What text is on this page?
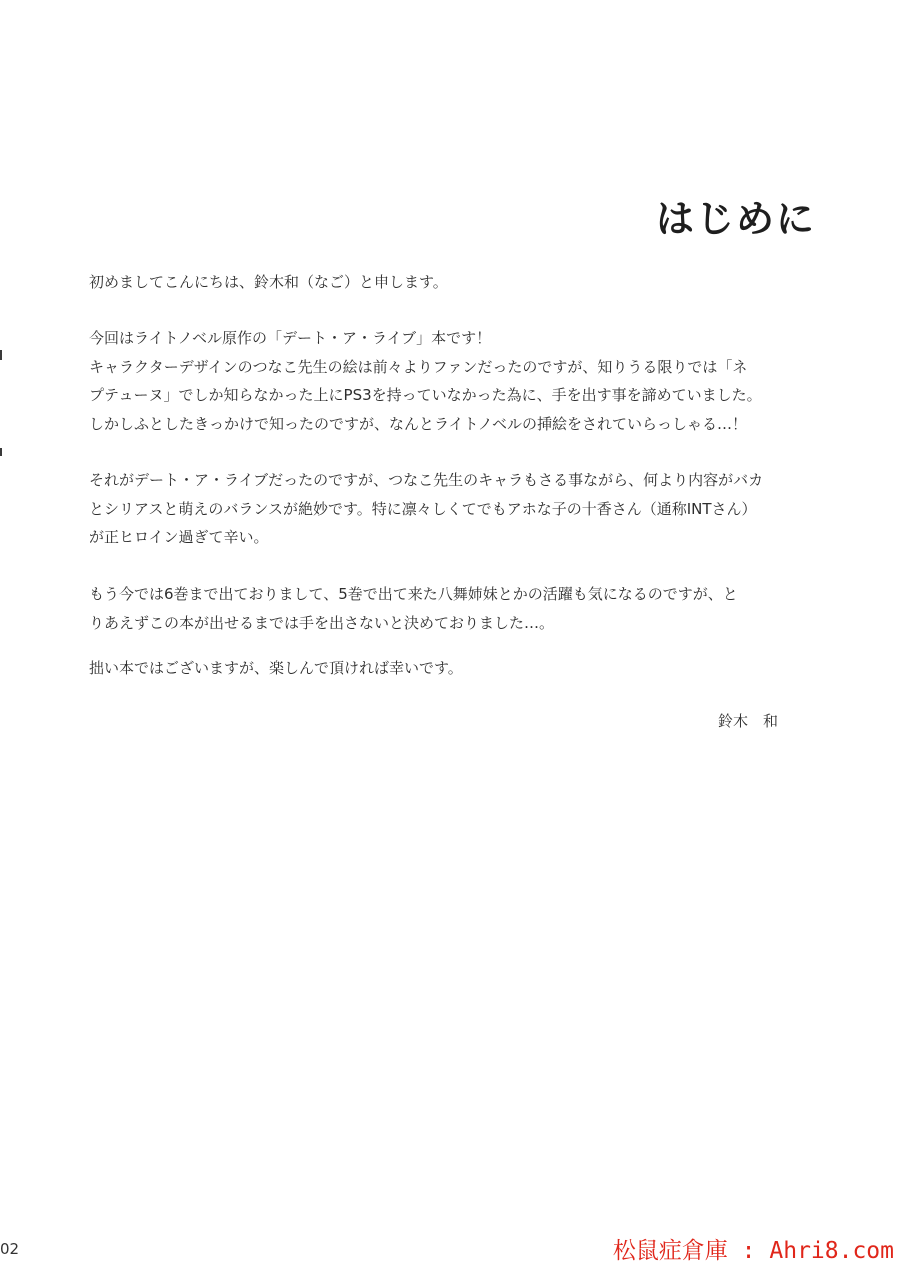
はじめに

初めましてこんにちは、鈴木和（なご）と申します。

今回はライトノベル原作の「デート・ア・ライブ」本です！
キャラクターデザインのつなこ先生の絵は前々よりファンだったのですが、知りうる限りでは「ネ
プテューヌ」でしか知らなかった上にPS3を持っていなかった為に、手を出す事を諦めていました。
しかしふとしたきっかけで知ったのですが、なんとライトノベルの挿絵をされていらっしゃる…！

それがデート・ア・ライブだったのですが、つなこ先生のキャラもさる事ながら、何より内容がバカ
とシリアスと萌えのバランスが絶妙です。特に凛々しくてでもアホな子の十香さん（通称INTさん）
が正ヒロイン過ぎて辛い。

もう今では6巻まで出ておりまして、5巻で出て来た八舞姉妹とかの活躍も気になるのですが、と
りあえずこの本が出せるまでは手を出さないと決めておりました…。

拙い本ではございますが、楽しんで頂ければ幸いです。

鈴木　和
02	松鼠症倉庫 : Ahri8.com
